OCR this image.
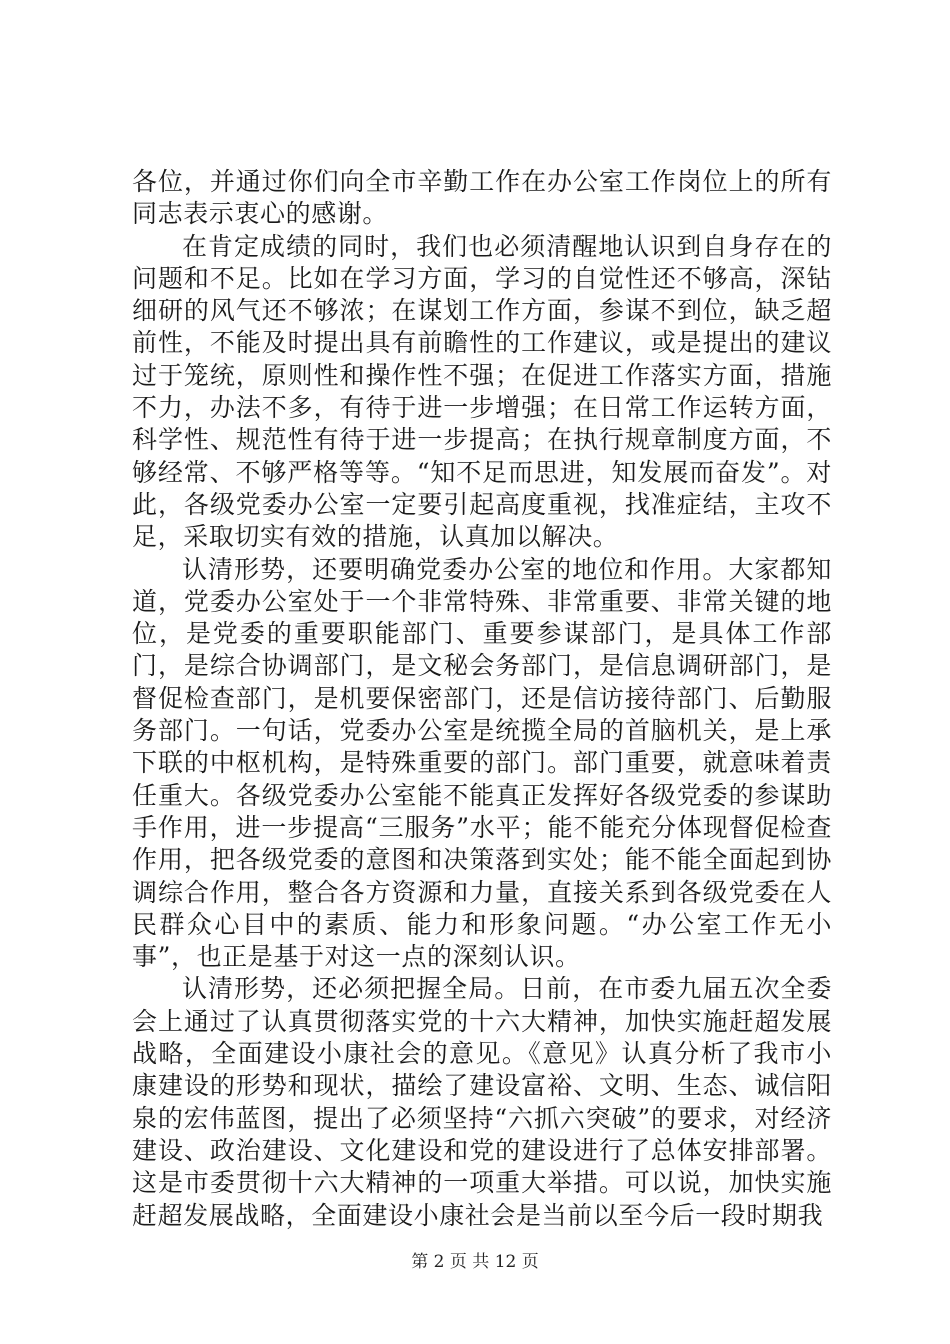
各位，并通过你们向全市辛勤工作在办公室工作岗位上的所有同志表示衷心的感谢。

在肯定成绩的同时，我们也必须清醒地认识到自身存在的问题和不足。比如在学习方面，学习的自觉性还不够高，深钻细研的风气还不够浓；在谋划工作方面，参谋不到位，缺乏超前性，不能及时提出具有前瞻性的工作建议，或是提出的建议过于笼统，原则性和操作性不强；在促进工作落实方面，措施不力，办法不多，有待于进一步增强；在日常工作运转方面，科学性、规范性有待于进一步提高；在执行规章制度方面，不够经常、不够严格等等。“知不足而思进，知发展而奋发”。对此，各级党委办公室一定要引起高度重视，找准症结，主攻不足，采取切实有效的措施，认真加以解决。

认清形势，还要明确党委办公室的地位和作用。大家都知道，党委办公室处于一个非常特殊、非常重要、非常关键的地位，是党委的重要职能部门、重要参谋部门，是具体工作部门，是综合协调部门，是文秘会务部门，是信息调研部门，是督促检查部门，是机要保密部门，还是信访接待部门、后勤服务部门。一句话，党委办公室是统揽全局的首脑机关，是上承下联的中枢机构，是特殊重要的部门。部门重要，就意味着责任重大。各级党委办公室能不能真正发挥好各级党委的参谋助手作用，进一步提高“三服务”水平；能不能充分体现督促检查作用，把各级党委的意图和决策落到实处；能不能全面起到协调综合作用，整合各方资源和力量，直接关系到各级党委在人民群众心目中的素质、能力和形象问题。“办公室工作无小事”，也正是基于对这一点的深刻认识。

认清形势，还必须把握全局。日前，在市委九届五次全委会上通过了认真贯彻落实党的十六大精神，加快实施赶超发展战略，全面建设小康社会的意见。《意见》认真分析了我市小康建设的形势和现状，描绘了建设富裕、文明、生态、诚信阳泉的宏伟蓝图，提出了必须坚持“六抓六突破”的要求，对经济建设、政治建设、文化建设和党的建设进行了总体安排部署。这是市委贯彻十六大精神的一项重大举措。可以说，加快实施赶超发展战略，全面建设小康社会是当前以至今后一段时期我

第 2 页 共 12 页
